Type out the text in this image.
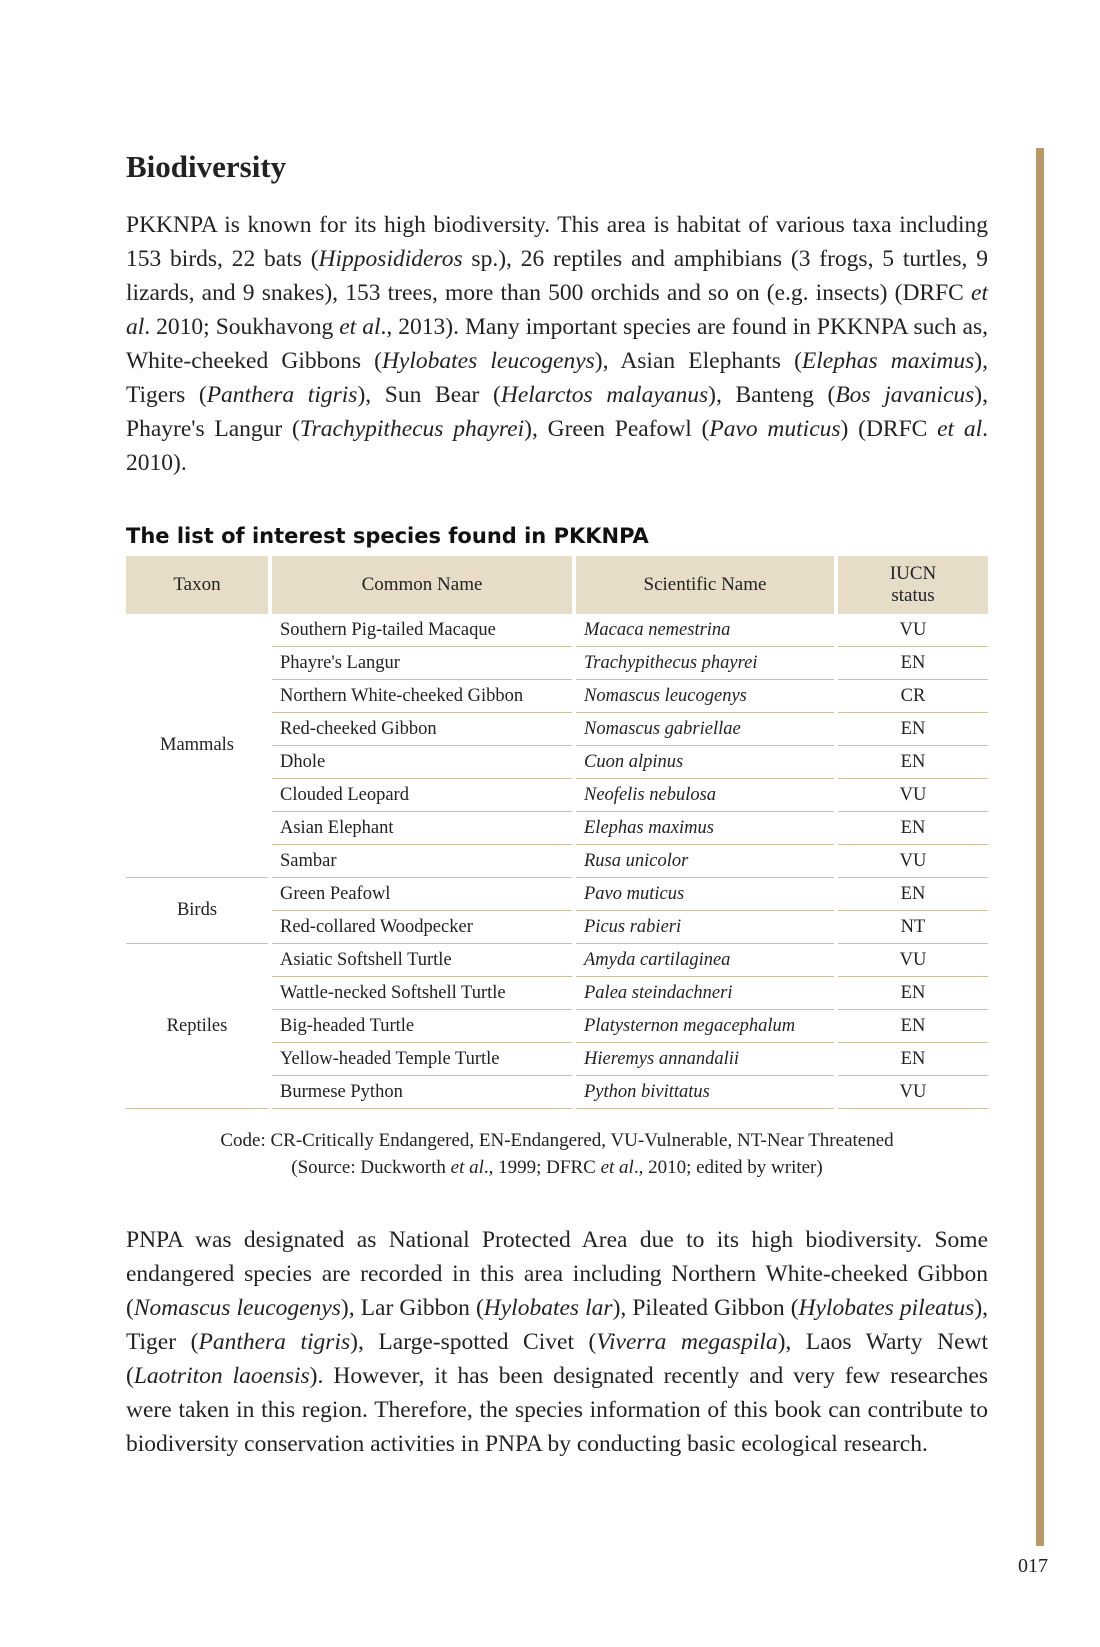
Biodiversity

PKKNPA is known for its high biodiversity. This area is habitat of various taxa including 153 birds, 22 bats (Hipposidideros sp.), 26 reptiles and amphibians (3 frogs, 5 turtles, 9 lizards, and 9 snakes), 153 trees, more than 500 orchids and so on (e.g. insects) (DRFC et al. 2010; Soukhavong et al., 2013). Many important species are found in PKKNPA such as, White-cheeked Gibbons (Hylobates leucogenys), Asian Elephants (Elephas maximus), Tigers (Panthera tigris), Sun Bear (Helarctos malayanus), Banteng (Bos javanicus), Phayre's Langur (Trachypithecus phayrei), Green Peafowl (Pavo muticus) (DRFC et al. 2010).

The list of interest species found in PKKNPA
Taxon	Common Name	Scientific Name	IUCN
status
Mammals	Southern Pig-tailed Macaque	Macaca nemestrina	VU
	Phayre's Langur	Trachypithecus phayrei	EN
	Northern White-cheeked Gibbon	Nomascus leucogenys	CR
	Red-cheeked Gibbon	Nomascus gabriellae	EN
	Dhole	Cuon alpinus	EN
	Clouded Leopard	Neofelis nebulosa	VU
	Asian Elephant	Elephas maximus	EN
	Sambar	Rusa unicolor	VU
Birds	Green Peafowl	Pavo muticus	EN
	Red-collared Woodpecker	Picus rabieri	NT
Reptiles	Asiatic Softshell Turtle	Amyda cartilaginea	VU
	Wattle-necked Softshell Turtle	Palea steindachneri	EN
	Big-headed Turtle	Platysternon megacephalum	EN
	Yellow-headed Temple Turtle	Hieremys annandalii	EN
	Burmese Python	Python bivittatus	VU
Code: CR-Critically Endangered, EN-Endangered, VU-Vulnerable, NT-Near Threatened
(Source: Duckworth et al., 1999; DFRC et al., 2010; edited by writer)

PNPA was designated as National Protected Area due to its high biodiversity. Some endangered species are recorded in this area including Northern White-cheeked Gibbon (Nomascus leucogenys), Lar Gibbon (Hylobates lar), Pileated Gibbon (Hylobates pileatus), Tiger (Panthera tigris), Large-spotted Civet (Viverra megaspila), Laos Warty Newt (Laotriton laoensis). However, it has been designated recently and very few researches were taken in this region. Therefore, the species information of this book can contribute to biodiversity conservation activities in PNPA by conducting basic ecological research.

017
